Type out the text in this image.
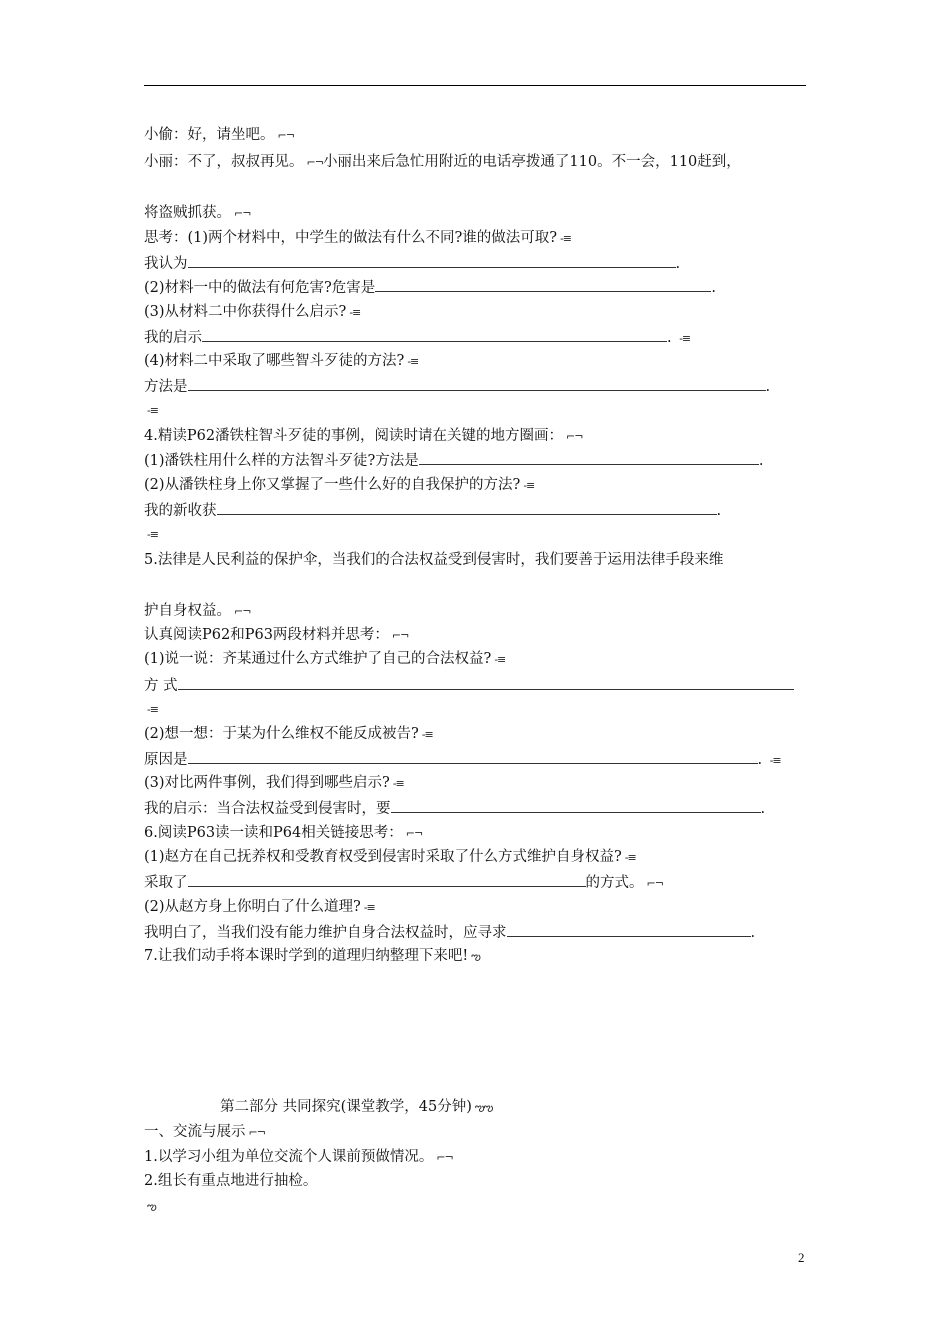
小偷：好，请坐吧。 ⌐¬
小丽：不了，叔叔再见。 ⌐¬小丽出来后急忙用附近的电话亭拨通了110。不一会，110赶到，
将盗贼抓获。 ⌐¬
思考：(1)两个材料中，中学生的做法有什么不同?谁的做法可取? -≡
我认为	.
(2)材料一中的做法有何危害?危害是	.
(3)从材料二中你获得什么启示? -≡
我的启示	. -≡
(4)材料二中采取了哪些智斗歹徒的方法? -≡
方法是	.
-≡
4.精读P62潘铁柱智斗歹徒的事例，阅读时请在关键的地方圈画： ⌐¬
(1)潘铁柱用什么样的方法智斗歹徒?方法是	.
(2)从潘铁柱身上你又掌握了一些什么好的自我保护的方法? -≡
我的新收获	.
-≡
5.法律是人民利益的保护伞，当我们的合法权益受到侵害时，我们要善于运用法律手段来维
护自身权益。 ⌐¬
认真阅读P62和P63两段材料并思考： ⌐¬
(1)说一说：齐某通过什么方式维护了自己的合法权益? -≡
方 式
-≡
(2)想一想：于某为什么维权不能反成被告? -≡
原因是	. -≡
(3)对比两件事例，我们得到哪些启示? -≡
我的启示：当合法权益受到侵害时，要	.
6.阅读P63读一读和P64相关链接思考： ⌐¬
(1)赵方在自己抚养权和受教育权受到侵害时采取了什么方式维护自身权益? -≡
采取了	的方式。 ⌐¬
(2)从赵方身上你明白了什么道理? -≡
我明白了，当我们没有能力维护自身合法权益时，应寻求	.
7.让我们动手将本课时学到的道理归纳整理下来吧! ఌ
第二部分 共同探究(课堂教学，45分钟) ఌఌ
一、交流与展示 ⌐¬
1.以学习小组为单位交流个人课前预做情况。 ⌐¬
2.组长有重点地进行抽检。
ఌ
2
